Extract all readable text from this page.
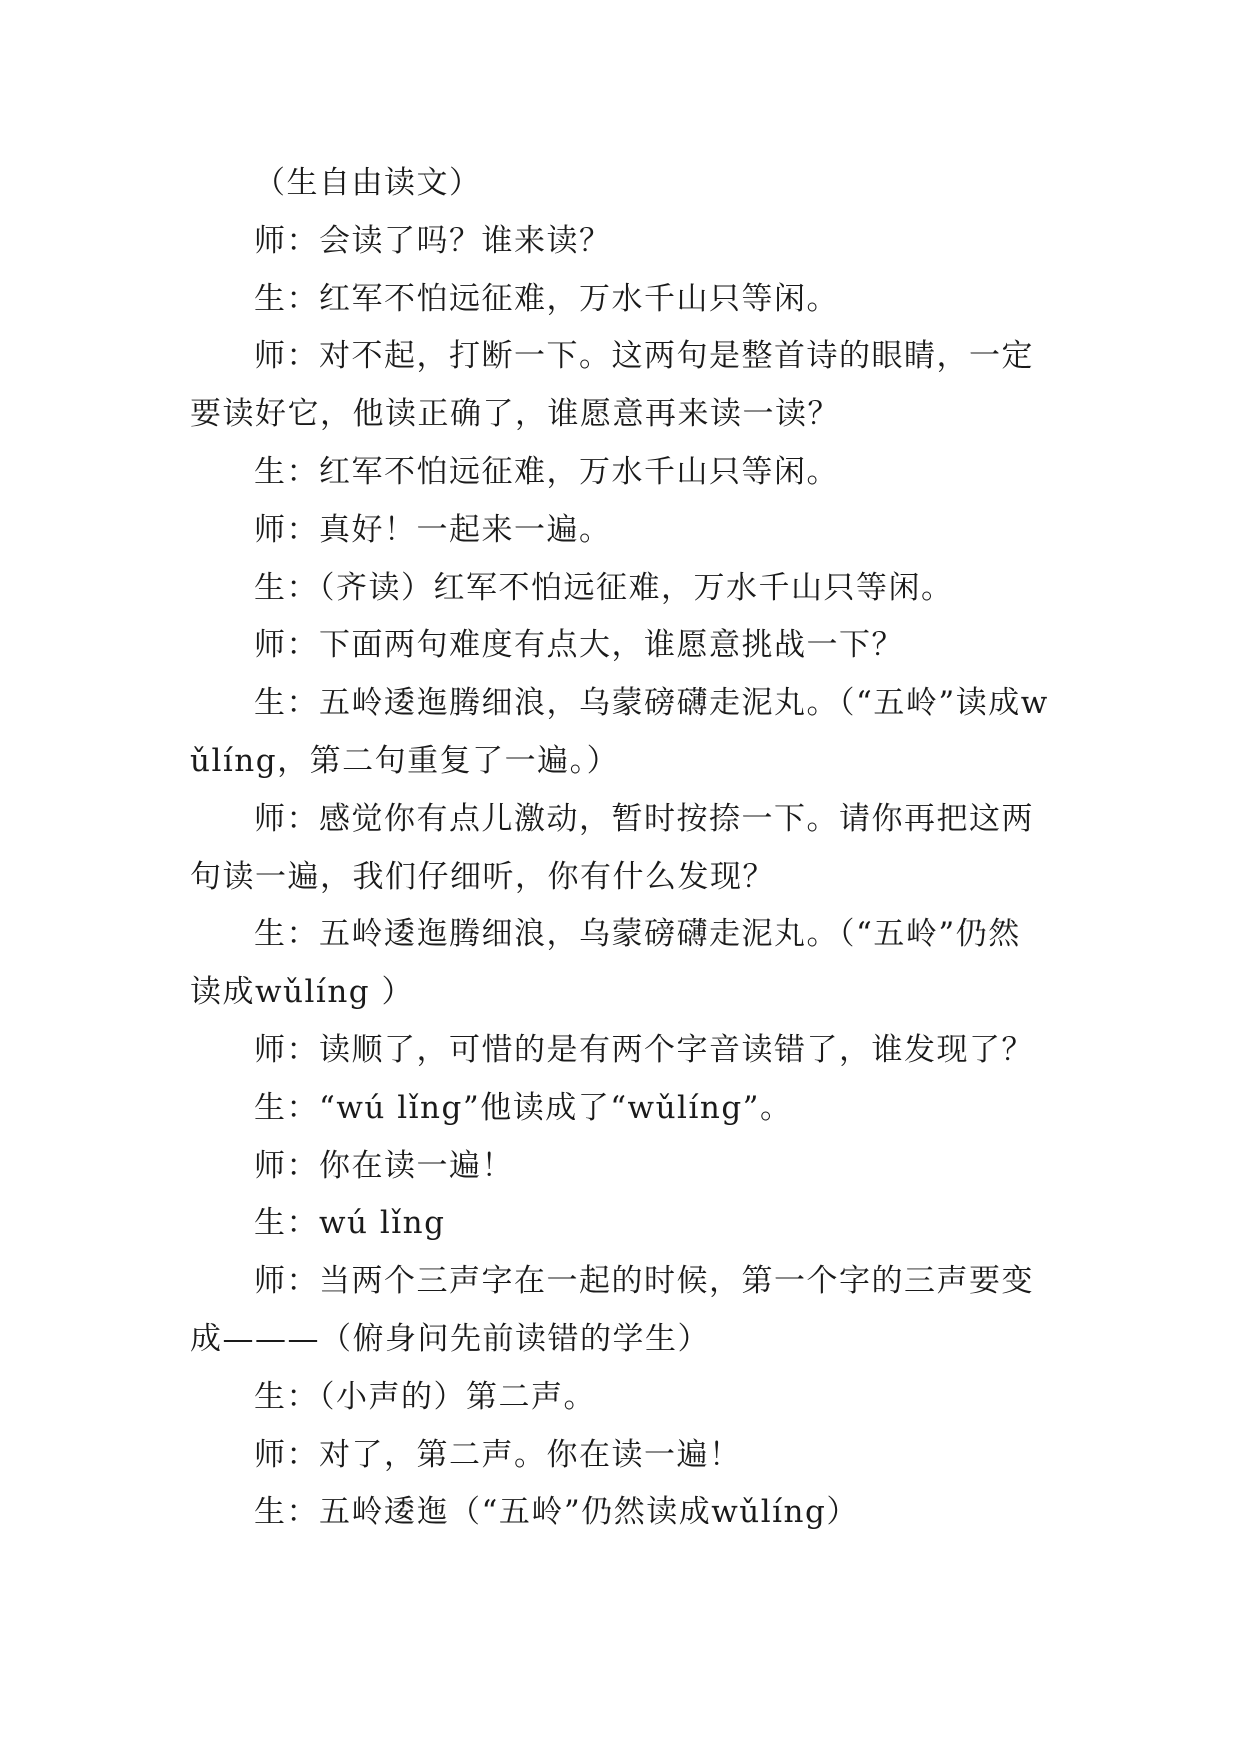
（生自由读文）

师：会读了吗？谁来读？

生：红军不怕远征难，万水千山只等闲。

师：对不起，打断一下。这两句是整首诗的眼睛，一定要读好它，他读正确了，谁愿意再来读一读？

生：红军不怕远征难，万水千山只等闲。

师：真好！一起来一遍。

生：（齐读）红军不怕远征难，万水千山只等闲。

师：下面两句难度有点大，谁愿意挑战一下？

生：五岭逶迤腾细浪，乌蒙磅礴走泥丸。（“五岭”读成wǔlíng，第二句重复了一遍。）

师：感觉你有点儿激动，暂时按捺一下。请你再把这两句读一遍，我们仔细听，你有什么发现？

生：五岭逶迤腾细浪，乌蒙磅礴走泥丸。（“五岭”仍然读成wǔlíng ）

师：读顺了，可惜的是有两个字音读错了，谁发现了？

生：“wú lǐng”他读成了“wǔlíng”。

师：你在读一遍！

生：wú lǐng

师：当两个三声字在一起的时候，第一个字的三声要变成———（俯身问先前读错的学生）

生：（小声的）第二声。

师：对了，第二声。你在读一遍！

生：五岭逶迤（“五岭”仍然读成wǔlíng）
